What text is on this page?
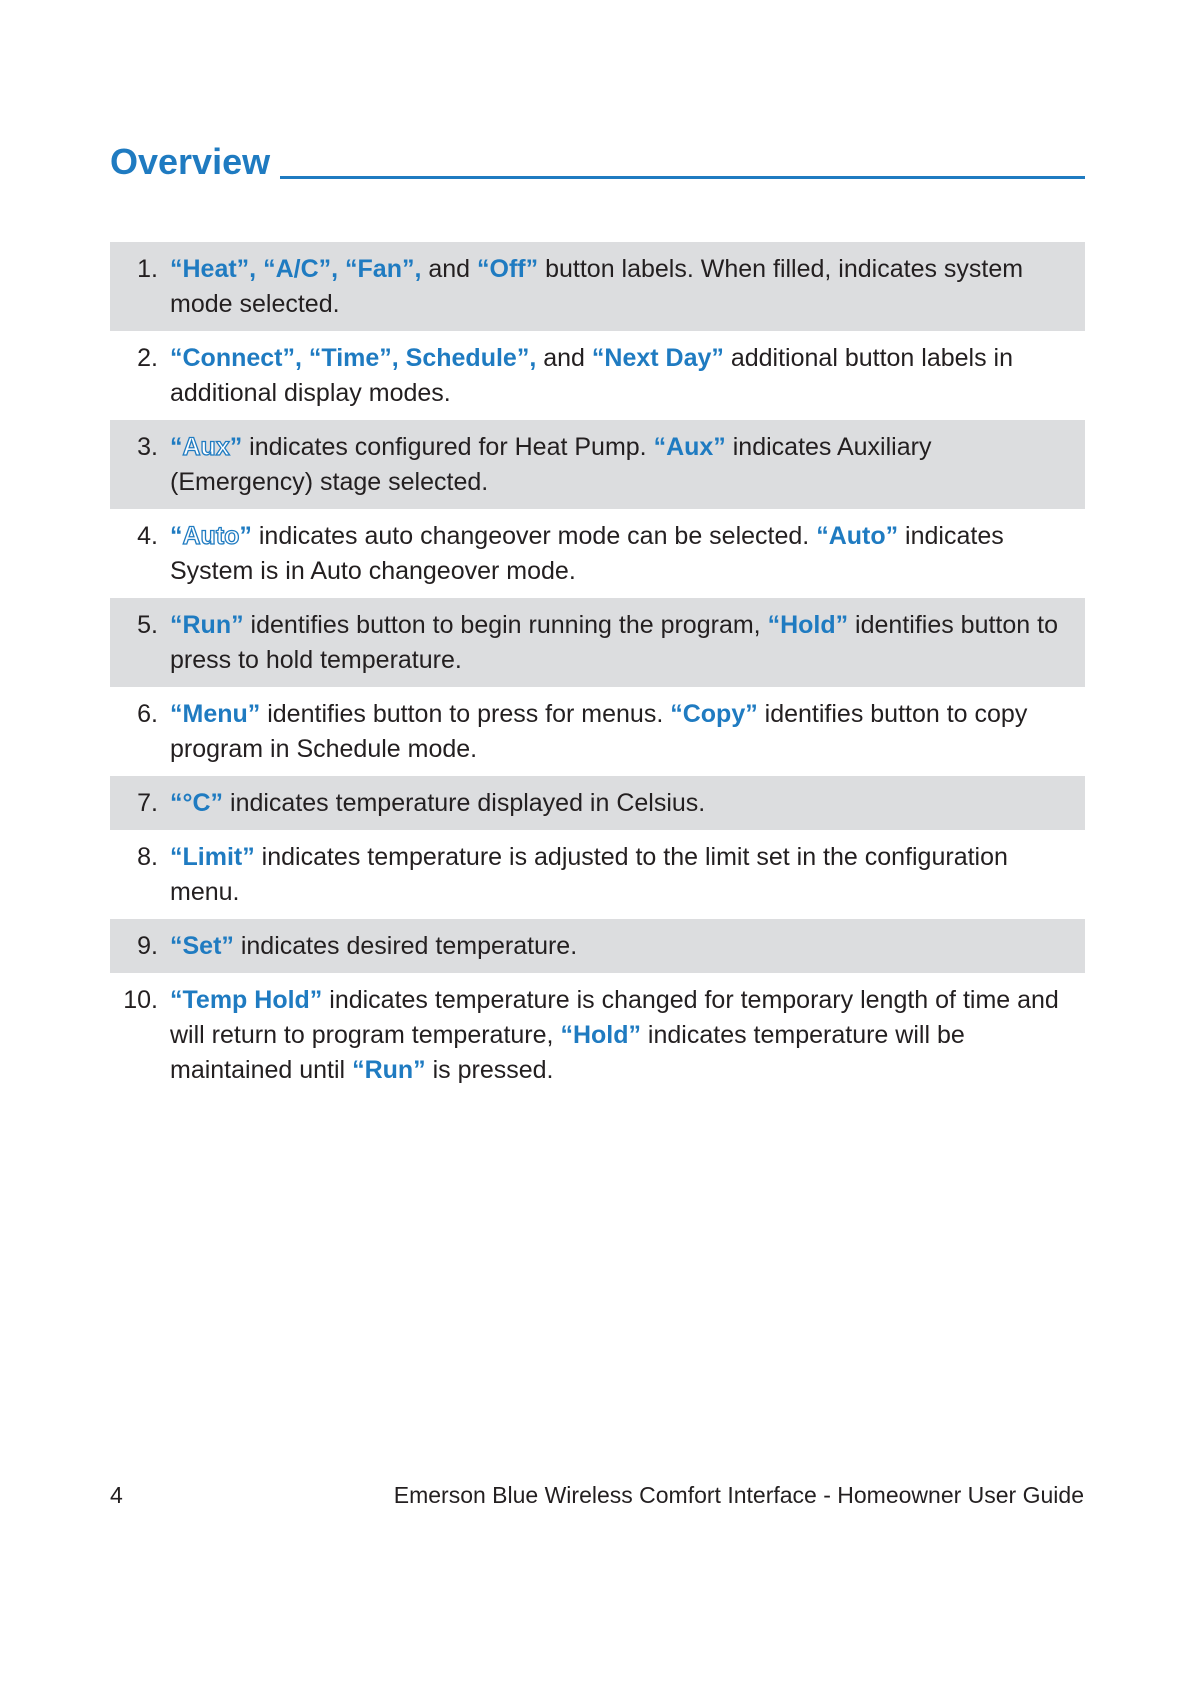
Overview
1. “Heat”, “A/C”, “Fan”, and “Off” button labels. When filled, indicates system mode selected.
2. “Connect”, “Time”, Schedule”, and “Next Day” additional button labels in additional display modes.
3. “Aux” indicates configured for Heat Pump. “Aux” indicates Auxiliary (Emergency) stage selected.
4. “Auto” indicates auto changeover mode can be selected. “Auto” indicates System is in Auto changeover mode.
5. “Run” identifies button to begin running the program, “Hold” identifies button to press to hold temperature.
6. “Menu” identifies button to press for menus. “Copy” identifies button to copy program in Schedule mode.
7. “°C” indicates temperature displayed in Celsius.
8. “Limit” indicates temperature is adjusted to the limit set in the configuration menu.
9. “Set” indicates desired temperature.
10. “Temp Hold” indicates temperature is changed for temporary length of time and will return to program temperature, “Hold” indicates temperature will be maintained until “Run” is pressed.
4	Emerson Blue Wireless Comfort Interface - Homeowner User Guide
